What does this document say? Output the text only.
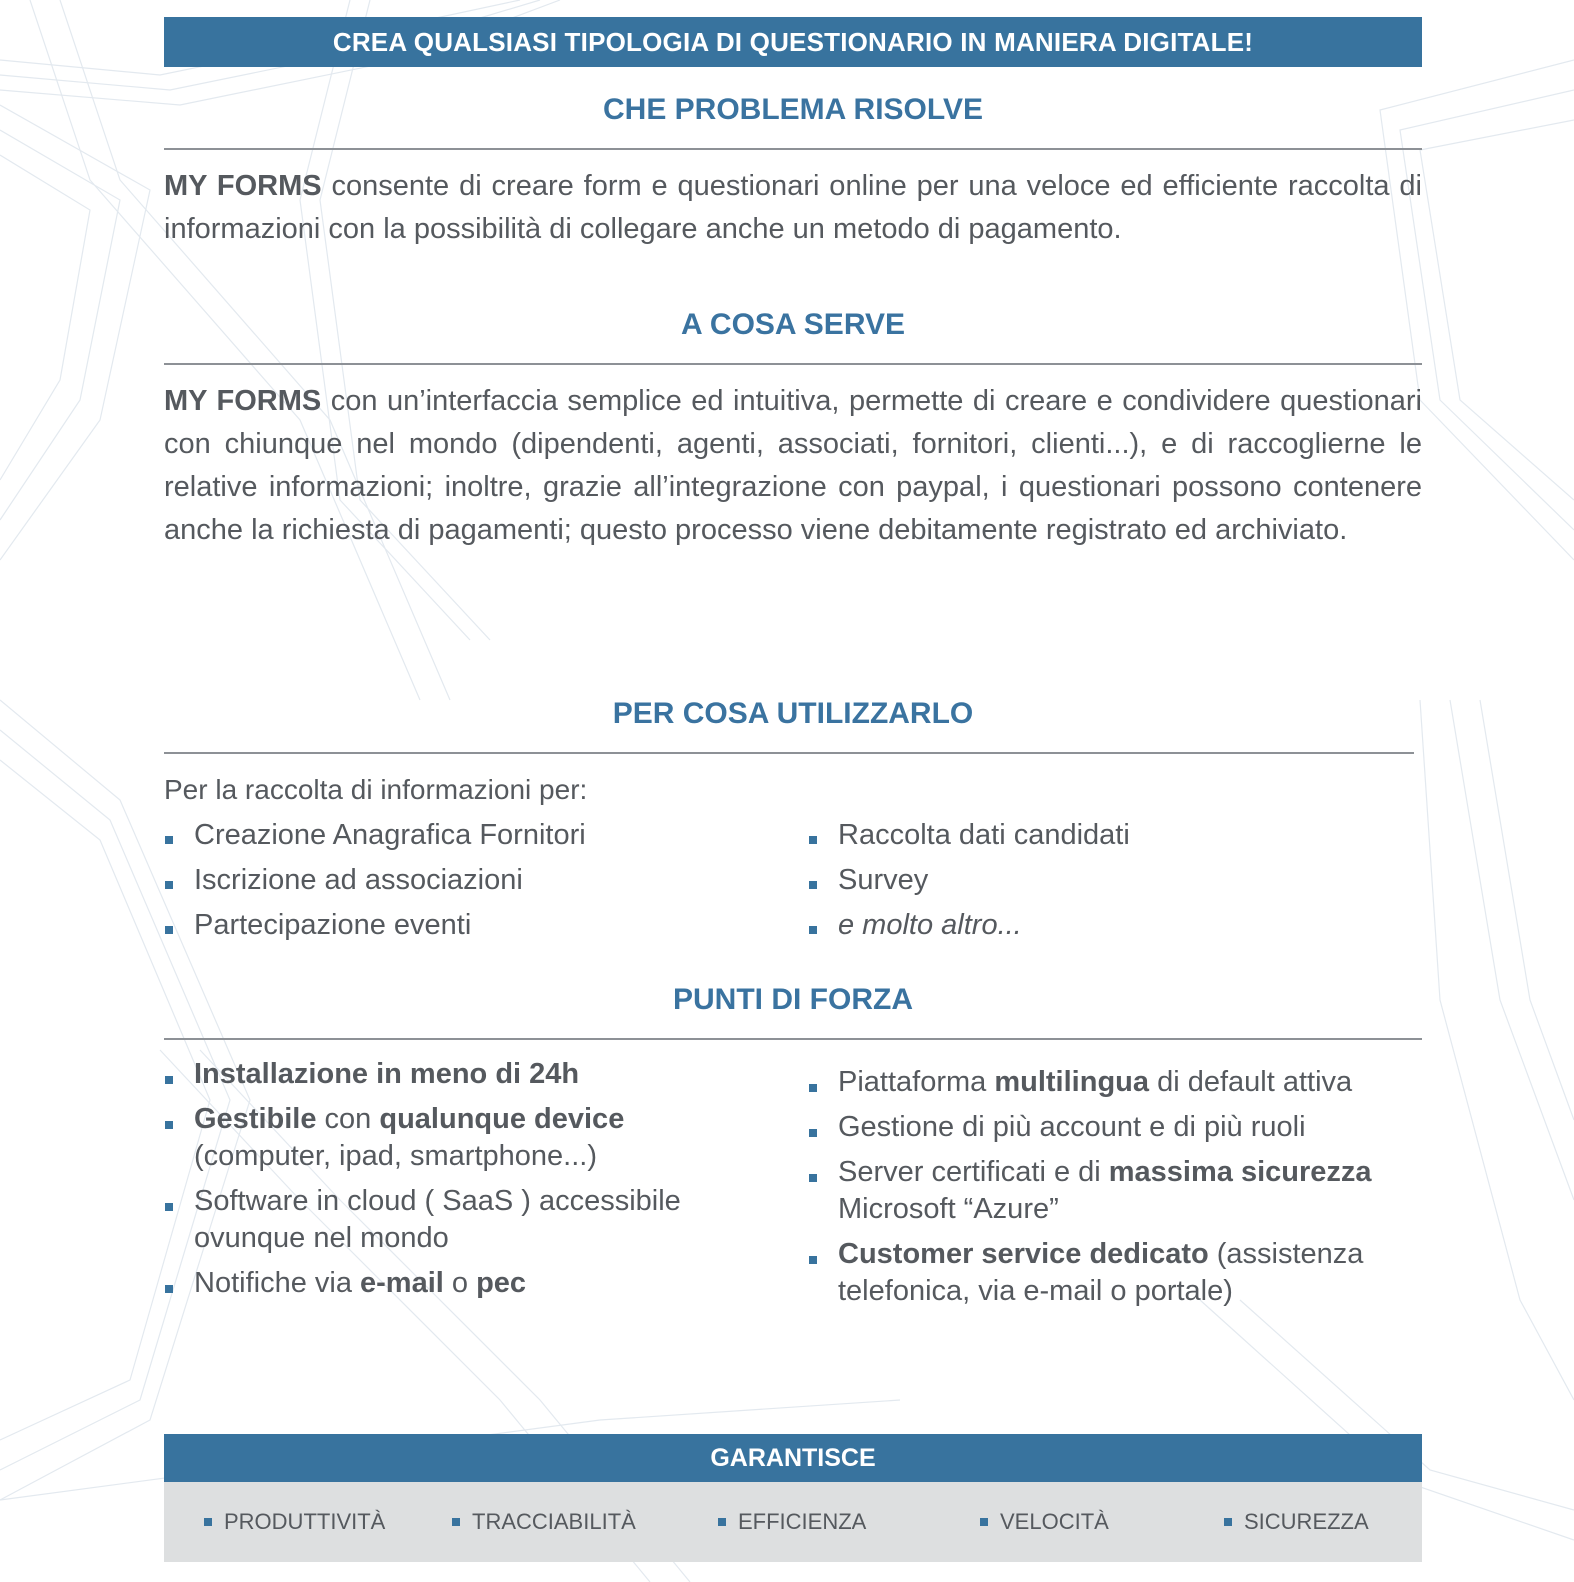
CREA QUALSIASI TIPOLOGIA DI QUESTIONARIO IN MANIERA DIGITALE!
CHE PROBLEMA RISOLVE
MY FORMS consente di creare form e questionari online per una veloce ed efficiente raccolta di informazioni con la possibilità di collegare anche un metodo di pagamento.
A COSA SERVE
MY FORMS con un’interfaccia semplice ed intuitiva, permette di creare e condividere questionari con chiunque nel mondo (dipendenti, agenti, associati, fornitori, clienti...), e di raccoglierne le relative informazioni; inoltre, grazie all’integrazione con paypal, i questionari possono contenere anche la richiesta di pagamenti; questo processo viene debitamente registrato ed archiviato.
PER COSA UTILIZZARLO
Per la raccolta di informazioni per:
Creazione Anagrafica Fornitori
Iscrizione ad associazioni
Partecipazione eventi
Raccolta dati candidati
Survey
e molto altro...
PUNTI DI FORZA
Installazione in meno di 24h
Gestibile con qualunque device (computer, ipad, smartphone...)
Software in cloud ( SaaS ) accessibile ovunque nel mondo
Notifiche via e-mail o pec
Piattaforma multilingua di default attiva
Gestione di più account e di più ruoli
Server certificati e di massima sicurezza Microsoft “Azure”
Customer service dedicato (assistenza telefonica, via e-mail o portale)
GARANTISCE
PRODUTTIVITÀ	TRACCIABILITÀ	EFFICIENZA	VELOCITÀ	SICUREZZA
